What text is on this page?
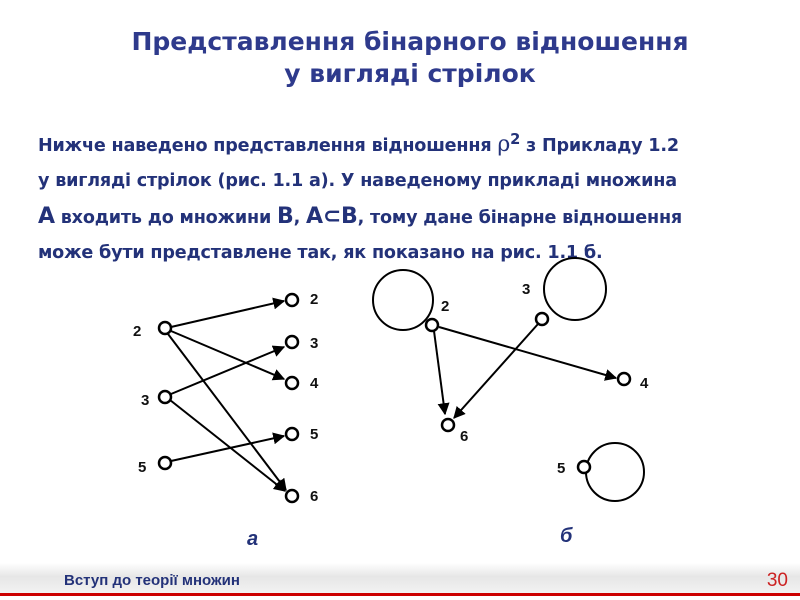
Представлення бінарного відношення
у вигляді стрілок
Нижче наведено представлення відношення $\rho^2$ з Прикладу 1.2
у вигляді стрілок (рис. 1.1 а). У наведеному прикладі множина
A входить до множини B, A⊂B, тому дане бінарне відношення
може бути представлене так, як показано на рис. 1.1 б.
2
3
5
2
3
4
5
6
а
2
3
4
5
6
б
Вступ до теорії множин	30
